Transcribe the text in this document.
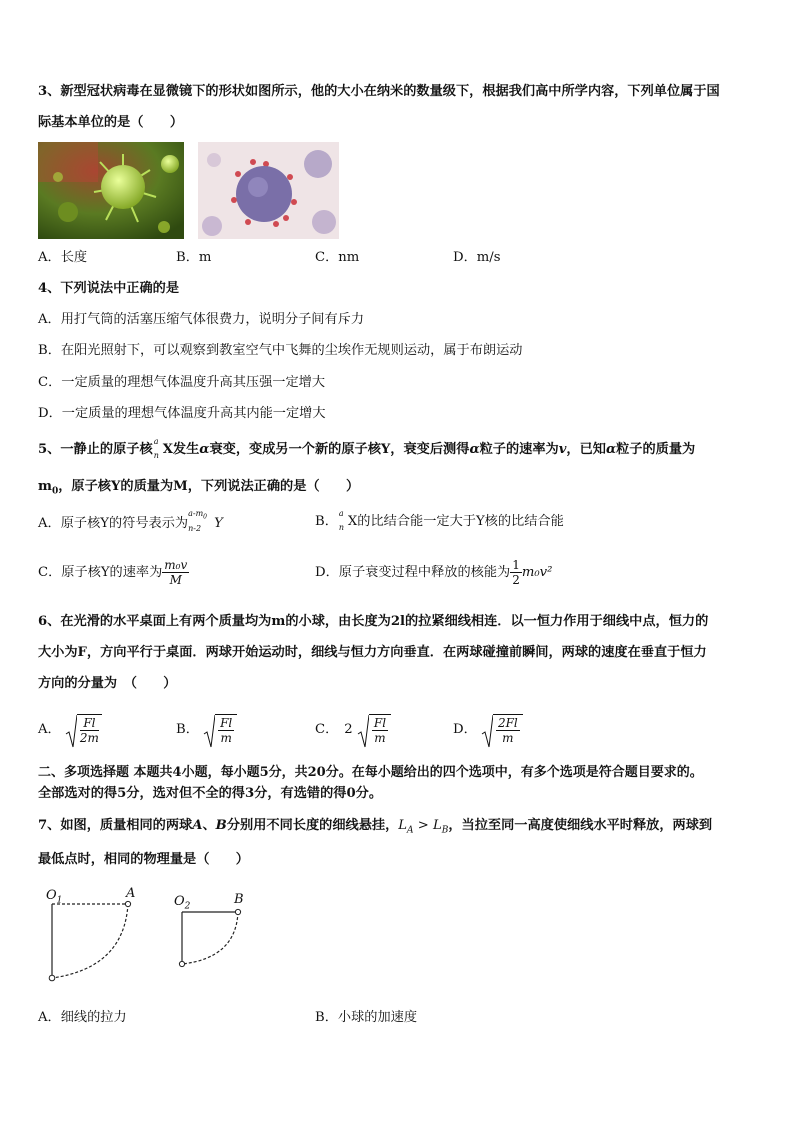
3、新型冠状病毒在显微镜下的形状如图所示，他的大小在纳米的数量级下，根据我们高中所学内容，下列单位属于国
际基本单位的是（　　）
A．长度	B．m	C．nm	D．m/s
4、下列说法中正确的是
A．用打气筒的活塞压缩气体很费力，说明分子间有斥力
B．在阳光照射下，可以观察到教室空气中飞舞的尘埃作无规则运动，属于布朗运动
C．一定质量的理想气体温度升高其压强一定增大
D．一定质量的理想气体温度升高其内能一定增大
5、一静止的原子核
a
n X发生α衰变，变成另一个新的原子核Y，衰变后测得α粒子的速率为v，已知α粒子的质量为
$m_0$，原子核Y的质量为M，下列说法正确的是（　　）
A．原子核Y的符号表示为
$a-m_0$
n-2 Y	B．
a
n X的比结合能一定大于Y核的比结合能
C．原子核Y的速率为 $\frac{\text{m₀v}}{M}$	D．原子衰变过程中释放的核能为 $\frac{1}{2} m_0v^2$
6、在光滑的水平桌面上有两个质量均为m的小球，由长度为2l的拉紧细线相连．以一恒力作用于细线中点，恒力的
大小为F，方向平行于桌面．两球开始运动时，细线与恒力方向垂直．在两球碰撞前瞬间，两球的速度在垂直于恒力
方向的分量为　（　　）
A． $\frac{Fl}{2m}$	B． $\frac{Fl}{m}$	C． $2 \frac{Fl}{m}$	D． $\frac{2Fl}{m}$
二、多项选择题 本题共4小题，每小题5分，共20分。在每小题给出的四个选项中，有多个选项是符合题目要求的。
全部选对的得5分，选对但不全的得3分，有选错的得0分。
7、如图，质量相同的两球A、B分别用不同长度的细线悬挂，$L_A > L_B$，当拉至同一高度使细线水平时释放，两球到
最低点时，相同的物理量是（　　）
$O_1$	A
$O_2$	B
A．细线的拉力	B．小球的加速度
